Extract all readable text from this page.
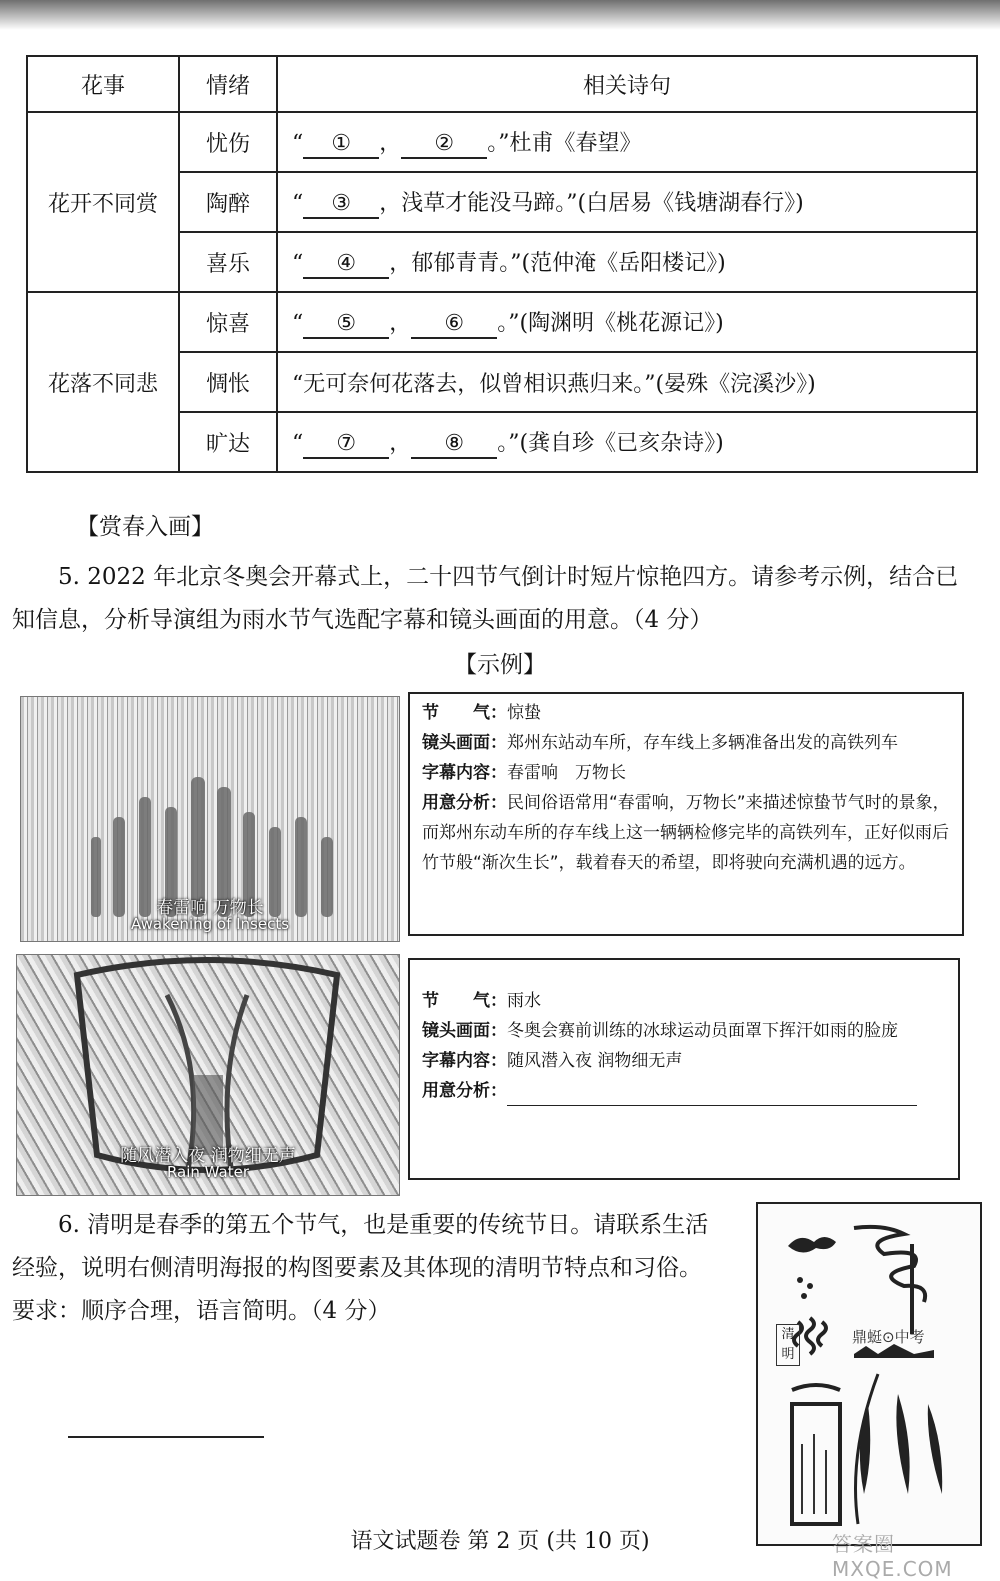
花事	情绪	相关诗句
花开不同赏	忧伤	“ ① ， ② 。”杜甫《春望》
	陶醉	“ ③ ，浅草才能没马蹄。”(白居易《钱塘湖春行》)
	喜乐	“ ④ ，郁郁青青。”(范仲淹《岳阳楼记》)
花落不同悲	惊喜	“ ⑤ ， ⑥ 。”(陶渊明《桃花源记》)
	惆怅	“无可奈何花落去，似曾相识燕归来。”(晏殊《浣溪沙》)
	旷达	“ ⑦ ， ⑧ 。”(龚自珍《已亥杂诗》)
【赏春入画】

5. 2022 年北京冬奥会开幕式上，二十四节气倒计时短片惊艳四方。请参考示例，结合已知信息，分析导演组为雨水节气选配字幕和镜头画面的用意。（4 分）

【示例】
春雷响 万物长
Awakening of Insects

节　　气：惊蛰

镜头画面：郑州东站动车所，存车线上多辆准备出发的高铁列车

字幕内容：春雷响　万物长

用意分析：民间俗语常用“春雷响，万物长”来描述惊蛰节气时的景象，而郑州东动车所的存车线上这一辆辆检修完毕的高铁列车，正好似雨后竹节般“渐次生长”，载着春天的希望，即将驶向充满机遇的远方。

随风潜入夜 润物细无声
Rain Water

节　　气：雨水

镜头画面：冬奥会赛前训练的冰球运动员面罩下挥汗如雨的脸庞

字幕内容：随风潜入夜 润物细无声

用意分析：

6. 清明是春季的第五个节气，也是重要的传统节日。请联系生活经验，说明右侧清明海报的构图要素及其体现的清明节特点和习俗。要求：顺序合理，语言简明。（4 分）

清明
鼎蜓⊙中考
语文试题卷 第 2 页 (共 10 页)	答案圈 MXQE.COM
